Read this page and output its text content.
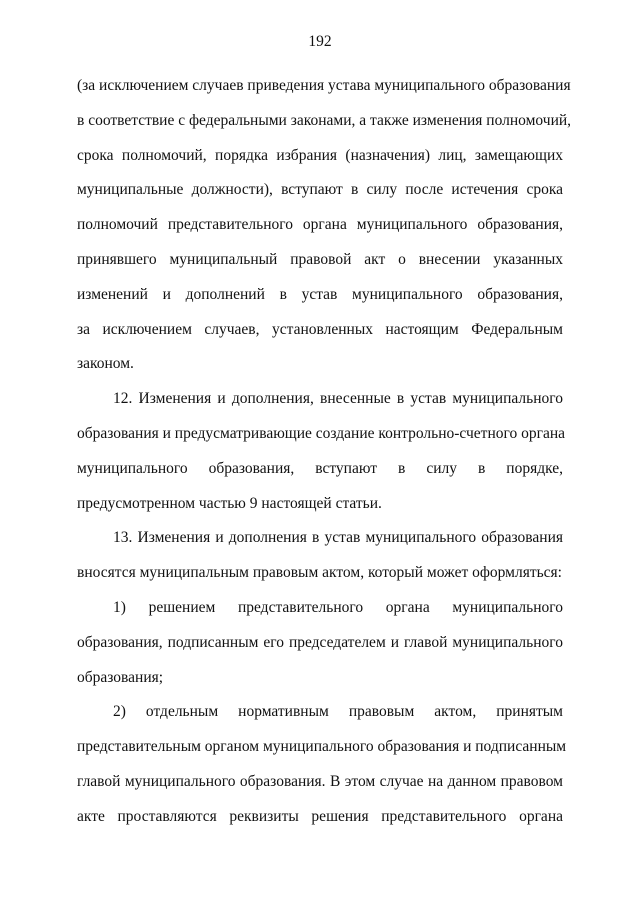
192

(за исключением случаев приведения устава муниципального образования
в соответствие с федеральными законами, а также изменения полномочий,
срока полномочий, порядка избрания (назначения) лиц, замещающих
муниципальные должности), вступают в силу после истечения срока
полномочий представительного органа муниципального образования,
принявшего муниципальный правовой акт о внесении указанных
изменений и дополнений в устав муниципального образования,
за исключением случаев, установленных настоящим Федеральным
законом.

12. Изменения и дополнения, внесенные в устав муниципального
образования и предусматривающие создание контрольно-счетного органа
муниципального образования, вступают в силу в порядке,
предусмотренном частью 9 настоящей статьи.

13. Изменения и дополнения в устав муниципального образования
вносятся муниципальным правовым актом, который может оформляться:

1) решением представительного органа муниципального
образования, подписанным его председателем и главой муниципального
образования;

2) отдельным нормативным правовым актом, принятым
представительным органом муниципального образования и подписанным
главой муниципального образования. В этом случае на данном правовом
акте проставляются реквизиты решения представительного органа
